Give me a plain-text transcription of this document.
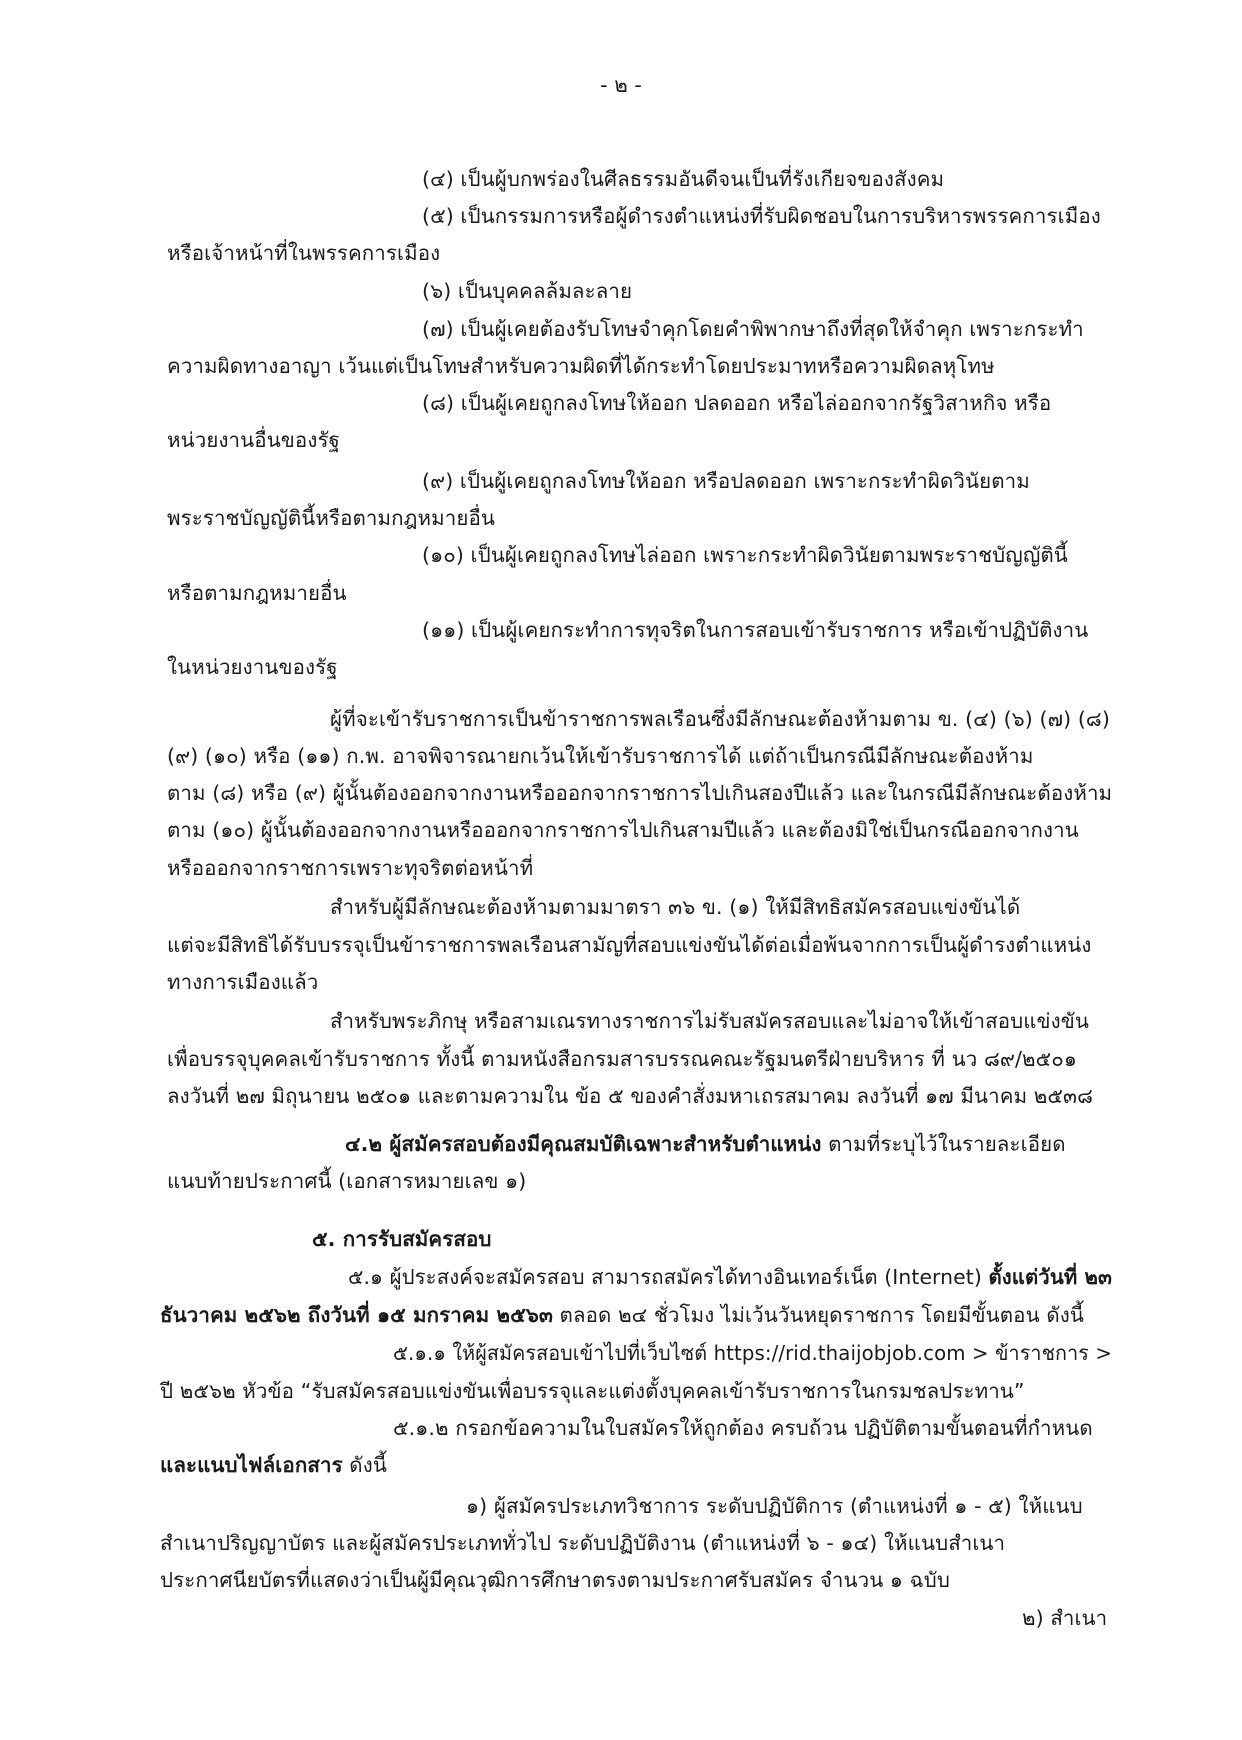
- ๒ -
(๔) เป็นผู้บกพร่องในศีลธรรมอันดีจนเป็นที่รังเกียจของสังคม
(๕) เป็นกรรมการหรือผู้ดำรงตำแหน่งที่รับผิดชอบในการบริหารพรรคการเมือง
หรือเจ้าหน้าที่ในพรรคการเมือง
(๖) เป็นบุคคลล้มละลาย
(๗) เป็นผู้เคยต้องรับโทษจำคุกโดยคำพิพากษาถึงที่สุดให้จำคุก เพราะกระทำ
ความผิดทางอาญา เว้นแต่เป็นโทษสำหรับความผิดที่ได้กระทำโดยประมาทหรือความผิดลหุโทษ
(๘) เป็นผู้เคยถูกลงโทษให้ออก ปลดออก หรือไล่ออกจากรัฐวิสาหกิจ หรือ
หน่วยงานอื่นของรัฐ
(๙) เป็นผู้เคยถูกลงโทษให้ออก หรือปลดออก เพราะกระทำผิดวินัยตาม
พระราชบัญญัตินี้หรือตามกฎหมายอื่น
(๑๐) เป็นผู้เคยถูกลงโทษไล่ออก เพราะกระทำผิดวินัยตามพระราชบัญญัตินี้
หรือตามกฎหมายอื่น
(๑๑) เป็นผู้เคยกระทำการทุจริตในการสอบเข้ารับราชการ หรือเข้าปฏิบัติงาน
ในหน่วยงานของรัฐ
ผู้ที่จะเข้ารับราชการเป็นข้าราชการพลเรือนซึ่งมีลักษณะต้องห้ามตาม ข. (๔) (๖) (๗) (๘)
(๙) (๑๐) หรือ (๑๑) ก.พ. อาจพิจารณายกเว้นให้เข้ารับราชการได้ แต่ถ้าเป็นกรณีมีลักษณะต้องห้าม
ตาม (๘) หรือ (๙) ผู้นั้นต้องออกจากงานหรือออกจากราชการไปเกินสองปีแล้ว และในกรณีมีลักษณะต้องห้าม
ตาม (๑๐) ผู้นั้นต้องออกจากงานหรือออกจากราชการไปเกินสามปีแล้ว และต้องมิใช่เป็นกรณีออกจากงาน
หรือออกจากราชการเพราะทุจริตต่อหน้าที่
สำหรับผู้มีลักษณะต้องห้ามตามมาตรา ๓๖ ข. (๑) ให้มีสิทธิสมัครสอบแข่งขันได้
แต่จะมีสิทธิได้รับบรรจุเป็นข้าราชการพลเรือนสามัญที่สอบแข่งขันได้ต่อเมื่อพ้นจากการเป็นผู้ดำรงตำแหน่ง
ทางการเมืองแล้ว
สำหรับพระภิกษุ หรือสามเณรทางราชการไม่รับสมัครสอบและไม่อาจให้เข้าสอบแข่งขัน
เพื่อบรรจุบุคคลเข้ารับราชการ ทั้งนี้ ตามหนังสือกรมสารบรรณคณะรัฐมนตรีฝ่ายบริหาร ที่ นว ๘๙/๒๕๐๑
ลงวันที่ ๒๗ มิถุนายน ๒๕๐๑ และตามความใน ข้อ ๕ ของคำสั่งมหาเถรสมาคม ลงวันที่ ๑๗ มีนาคม ๒๕๓๘
๔.๒ ผู้สมัครสอบต้องมีคุณสมบัติเฉพาะสำหรับตำแหน่ง ตามที่ระบุไว้ในรายละเอียด
แนบท้ายประกาศนี้ (เอกสารหมายเลข ๑)
๕. การรับสมัครสอบ
๕.๑ ผู้ประสงค์จะสมัครสอบ สามารถสมัครได้ทางอินเทอร์เน็ต (Internet) ตั้งแต่วันที่ ๒๓
ธันวาคม ๒๕๖๒ ถึงวันที่ ๑๕ มกราคม ๒๕๖๓ ตลอด ๒๔ ชั่วโมง ไม่เว้นวันหยุดราชการ โดยมีขั้นตอน ดังนี้
๕.๑.๑ ให้ผู้สมัครสอบเข้าไปที่เว็บไซต์ https://rid.thaijobjob.com > ข้าราชการ >
ปี ๒๕๖๒ หัวข้อ “รับสมัครสอบแข่งขันเพื่อบรรจุและแต่งตั้งบุคคลเข้ารับราชการในกรมชลประทาน”
๕.๑.๒ กรอกข้อความในใบสมัครให้ถูกต้อง ครบถ้วน ปฏิบัติตามขั้นตอนที่กำหนด
และแนบไฟล์เอกสาร ดังนี้
๑) ผู้สมัครประเภทวิชาการ ระดับปฏิบัติการ (ตำแหน่งที่ ๑ - ๕) ให้แนบ
สำเนาปริญญาบัตร และผู้สมัครประเภททั่วไป ระดับปฏิบัติงาน (ตำแหน่งที่ ๖ - ๑๔) ให้แนบสำเนา
ประกาศนียบัตรที่แสดงว่าเป็นผู้มีคุณวุฒิการศึกษาตรงตามประกาศรับสมัคร จำนวน ๑ ฉบับ
๒) สำเนา
